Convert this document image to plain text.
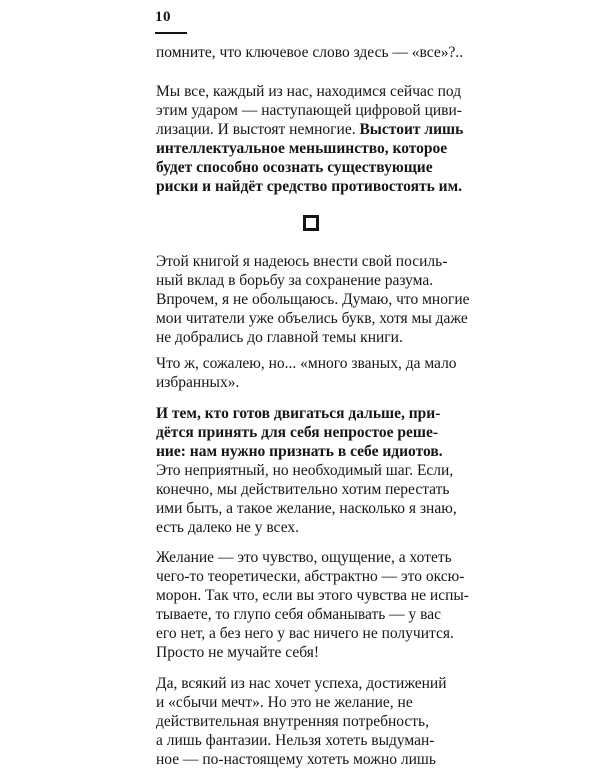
10
помните, что ключевое слово здесь — «все»?..
Мы все, каждый из нас, находимся сейчас под
этим ударом — наступающей цифровой циви-
лизации. И выстоят немногие. Выстоит лишь
интеллектуальное меньшинство, которое
будет способно осознать существующие
риски и найдёт средство противостоять им.
Этой книгой я надеюсь внести свой посиль-
ный вклад в борьбу за сохранение разума.
Впрочем, я не обольщаюсь. Думаю, что многие
мои читатели уже объелись букв, хотя мы даже
не добрались до главной темы книги.
Что ж, сожалею, но... «много званых, да мало
избранных».
И тем, кто готов двигаться дальше, при-
дётся принять для себя непростое реше-
ние: нам нужно признать в себе идиотов.
Это неприятный, но необходимый шаг. Если,
конечно, мы действительно хотим перестать
ими быть, а такое желание, насколько я знаю,
есть далеко не у всех.
Желание — это чувство, ощущение, а хотеть
чего-то теоретически, абстрактно — это оксю-
морон. Так что, если вы этого чувства не испы-
тываете, то глупо себя обманывать — у вас
его нет, а без него у вас ничего не получится.
Просто не мучайте себя!
Да, всякий из нас хочет успеха, достижений
и «сбычи мечт». Но это не желание, не
действительная внутренняя потребность,
а лишь фантазии. Нельзя хотеть выдуман-
ное — по-настоящему хотеть можно лишь
